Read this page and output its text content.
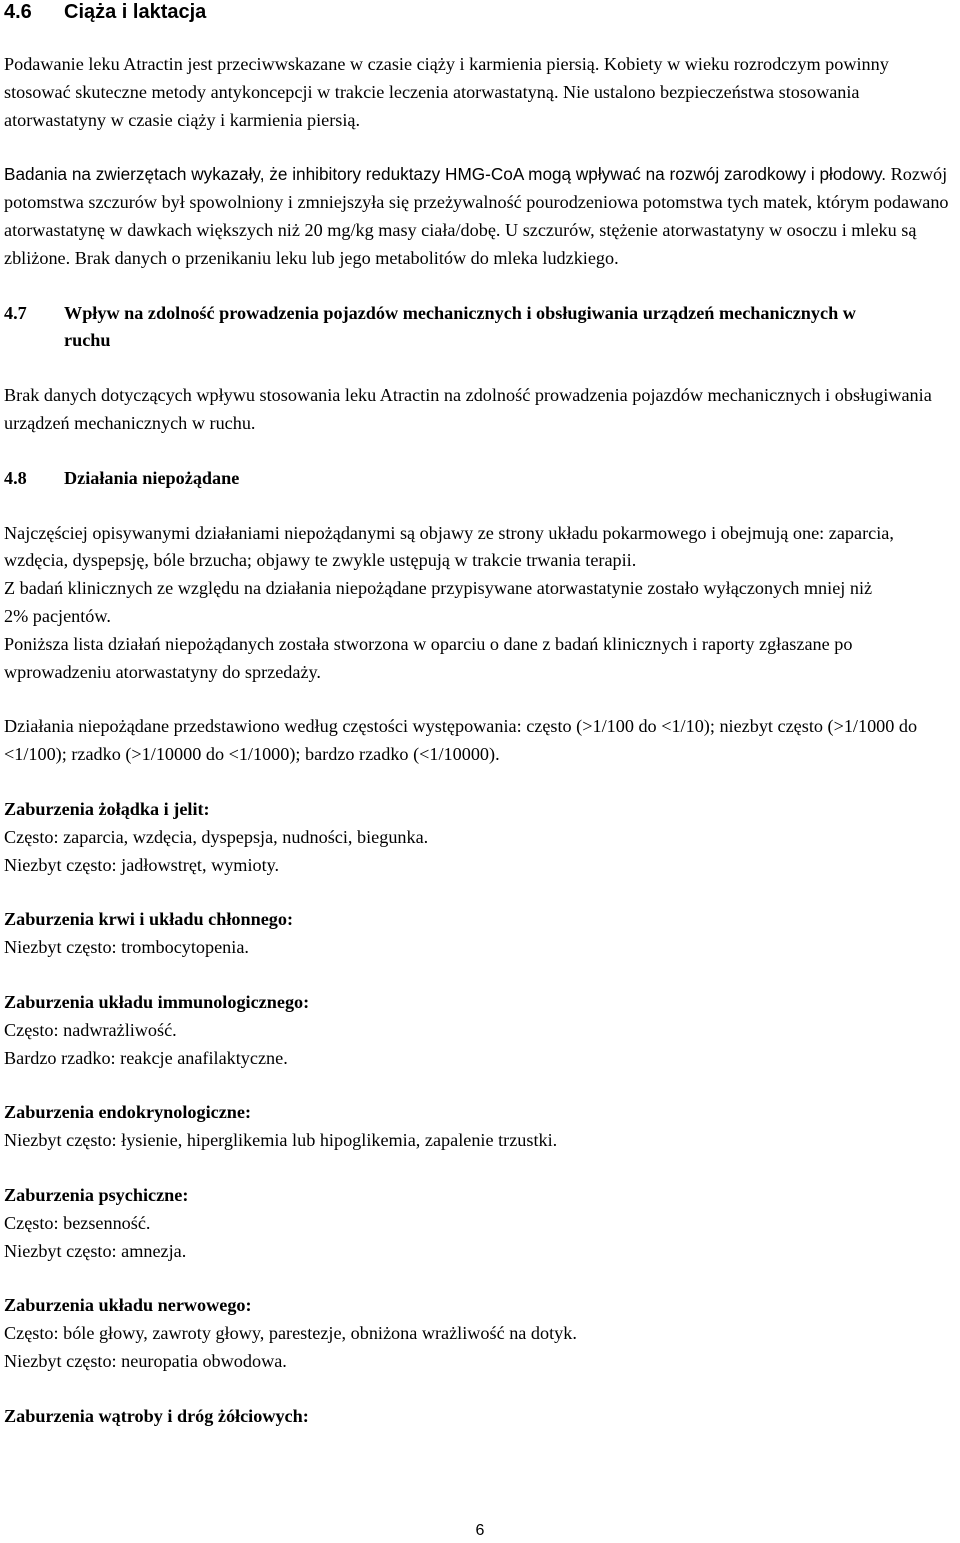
4.6	Ciąża i laktacja

Podawanie leku Atractin jest przeciwwskazane w czasie ciąży i karmienia piersią. Kobiety w wieku rozrodczym powinny stosować skuteczne metody antykoncepcji w trakcie leczenia atorwastatyną. Nie ustalono bezpieczeństwa stosowania atorwastatyny w czasie ciąży i karmienia piersią.

Badania na zwierzętach wykazały, że inhibitory reduktazy HMG-CoA mogą wpływać na rozwój zarodkowy i płodowy. Rozwój potomstwa szczurów był spowolniony i zmniejszyła się przeżywalność pourodzeniowa potomstwa tych matek, którym podawano atorwastatynę w dawkach większych niż 20 mg/kg masy ciała/dobę. U szczurów, stężenie atorwastatyny w osoczu i mleku są zbliżone. Brak danych o przenikaniu leku lub jego metabolitów do mleka ludzkiego.

4.7	Wpływ na zdolność prowadzenia pojazdów mechanicznych i obsługiwania urządzeń mechanicznych w ruchu

Brak danych dotyczących wpływu stosowania leku Atractin na zdolność prowadzenia pojazdów mechanicznych i obsługiwania urządzeń mechanicznych w ruchu.

4.8	Działania niepożądane

Najczęściej opisywanymi działaniami niepożądanymi są objawy ze strony układu pokarmowego i obejmują one: zaparcia, wzdęcia, dyspepsję, bóle brzucha; objawy te zwykle ustępują w trakcie trwania terapii.

Z badań klinicznych ze względu na działania niepożądane przypisywane atorwastatynie zostało wyłączonych mniej niż 2% pacjentów.

Poniższa lista działań niepożądanych została stworzona w oparciu o dane z badań klinicznych i raporty zgłaszane po wprowadzeniu atorwastatyny do sprzedaży.

Działania niepożądane przedstawiono według częstości występowania: często (>1/100 do <1/10); niezbyt często (>1/1000 do <1/100); rzadko (>1/10000 do <1/1000); bardzo rzadko (<1/10000).

Zaburzenia żołądka i jelit:

Często: zaparcia, wzdęcia, dyspepsja, nudności, biegunka.

Niezbyt często: jadłowstręt, wymioty.

Zaburzenia krwi i układu chłonnego:

Niezbyt często: trombocytopenia.

Zaburzenia układu immunologicznego:

Często: nadwrażliwość.

Bardzo rzadko: reakcje anafilaktyczne.

Zaburzenia endokrynologiczne:

Niezbyt często: łysienie, hiperglikemia lub hipoglikemia, zapalenie trzustki.

Zaburzenia psychiczne:

Często: bezsenność.

Niezbyt często: amnezja.

Zaburzenia układu nerwowego:

Często: bóle głowy, zawroty głowy, parestezje, obniżona wrażliwość na dotyk.

Niezbyt często: neuropatia obwodowa.

Zaburzenia wątroby i dróg żółciowych:

6
